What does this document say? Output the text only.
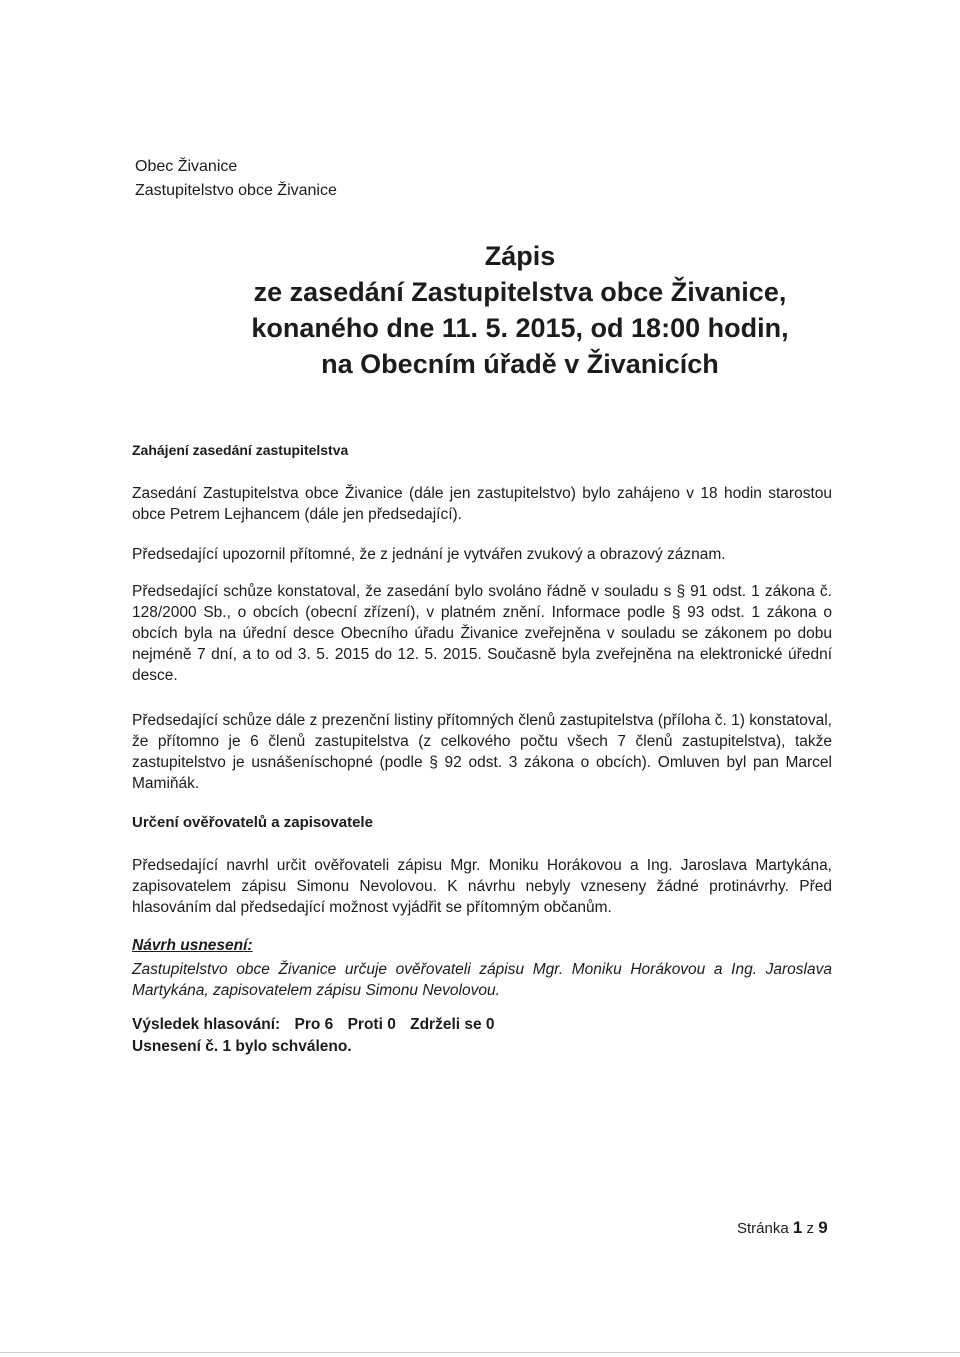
Obec Živanice
Zastupitelstvo obce Živanice
Zápis
ze zasedání Zastupitelstva obce Živanice,
konaného dne 11. 5. 2015, od 18:00 hodin,
na Obecním úřadě v Živanicích
Zahájení zasedání zastupitelstva
Zasedání Zastupitelstva obce Živanice (dále jen zastupitelstvo) bylo zahájeno v 18 hodin starostou obce Petrem Lejhancem (dále jen předsedající).
Předsedající upozornil přítomné, že z jednání je vytvářen zvukový a obrazový záznam.
Předsedající schůze konstatoval, že zasedání bylo svoláno řádně v souladu s § 91 odst. 1 zákona č. 128/2000 Sb., o obcích (obecní zřízení), v platném znění. Informace podle § 93 odst. 1 zákona o obcích byla na úřední desce Obecního úřadu Živanice zveřejněna v souladu se zákonem po dobu nejméně 7 dní, a to od 3. 5. 2015 do 12. 5. 2015. Současně byla zveřejněna na elektronické úřední desce.
Předsedající schůze dále z prezenční listiny přítomných členů zastupitelstva (příloha č. 1) konstatoval, že přítomno je 6 členů zastupitelstva (z celkového počtu všech 7 členů zastupitelstva), takže zastupitelstvo je usnášeníschopné (podle § 92 odst. 3 zákona o obcích). Omluven byl pan Marcel Mamiňák.
Určení ověřovatelů a zapisovatele
Předsedající navrhl určit ověřovateli zápisu Mgr. Moniku Horákovou a Ing. Jaroslava Martykána, zapisovatelem zápisu Simonu Nevolovou. K návrhu nebyly vzneseny žádné protinávrhy. Před hlasováním dal předsedající možnost vyjádřit se přítomným občanům.
Návrh usnesení:
Zastupitelstvo obce Živanice určuje ověřovateli zápisu Mgr. Moniku Horákovou a Ing. Jaroslava Martykána, zapisovatelem zápisu Simonu Nevolovou.
Výsledek hlasování: Pro 6 Proti 0 Zdrželi se 0
Usnesení č. 1 bylo schváleno.
Stránka 1 z 9
